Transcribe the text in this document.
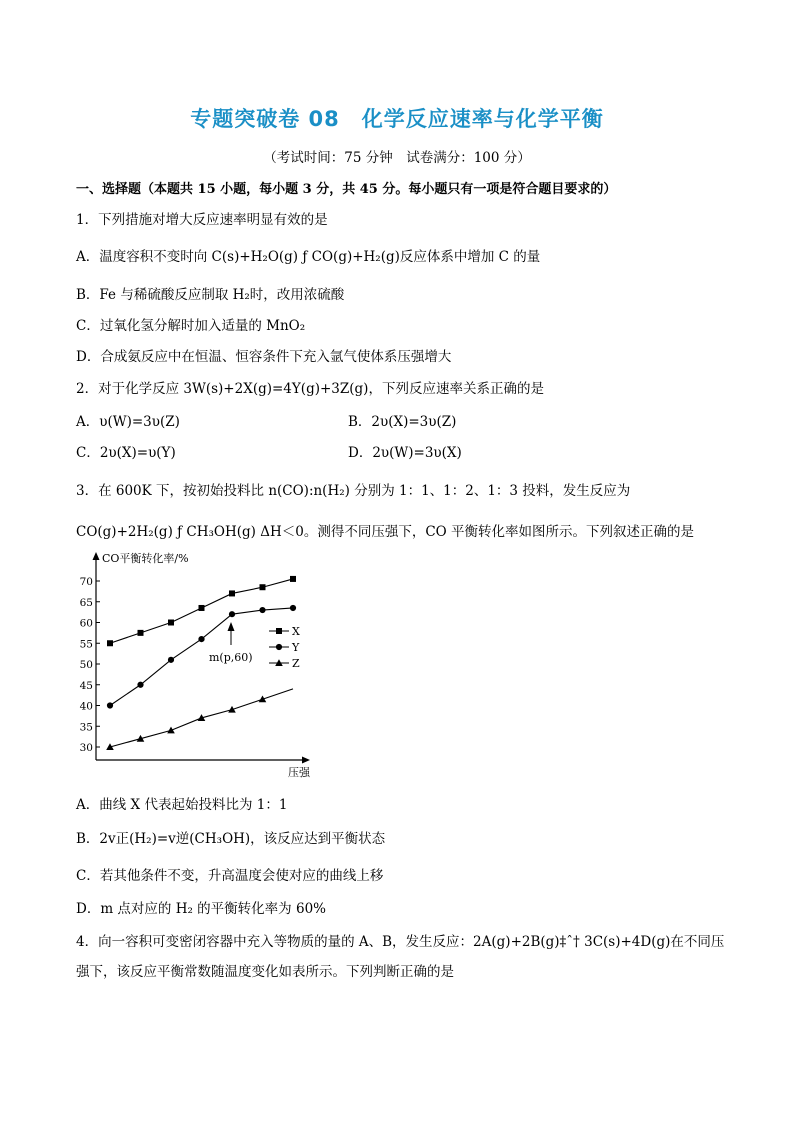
专题突破卷 08　化学反应速率与化学平衡
（考试时间：75 分钟　试卷满分：100 分）
一、选择题（本题共 15 小题，每小题 3 分，共 45 分。每小题只有一项是符合题目要求的）
1．下列措施对增大反应速率明显有效的是
A．温度容积不变时向 C(s)+H₂O(g) ƒ CO(g)+H₂(g)反应体系中增加 C 的量
B．Fe 与稀硫酸反应制取 H₂时，改用浓硫酸
C．过氧化氢分解时加入适量的 MnO₂
D．合成氨反应中在恒温、恒容条件下充入氩气使体系压强增大
2．对于化学反应 3W(s)+2X(g)=4Y(g)+3Z(g)，下列反应速率关系正确的是
A．υ(W)=3υ(Z)	B．2υ(X)=3υ(Z)
C．2υ(X)=υ(Y)	D．2υ(W)=3υ(X)
3．在 600K 下，按初始投料比 n(CO):n(H₂) 分别为 1：1、1：2、1：3 投料，发生反应为
CO(g)+2H₂(g) ƒ CH₃OH(g) ΔH＜0。测得不同压强下，CO 平衡转化率如图所示。下列叙述正确的是
CO平衡转化率/%
70
65
60
55
50
45
40
35
30
压强
m(p,60)
X
Y
Z
A．曲线 X 代表起始投料比为 1：1
B．2v正(H₂)=v逆(CH₃OH)，该反应达到平衡状态
C．若其他条件不变，升高温度会使对应的曲线上移
D．m 点对应的 H₂ 的平衡转化率为 60%
4．向一容积可变密闭容器中充入等物质的量的 A、B，发生反应：2A(g)+2B(g)‡ˆ† 3C(s)+4D(g)在不同压
强下，该反应平衡常数随温度变化如表所示。下列判断正确的是
